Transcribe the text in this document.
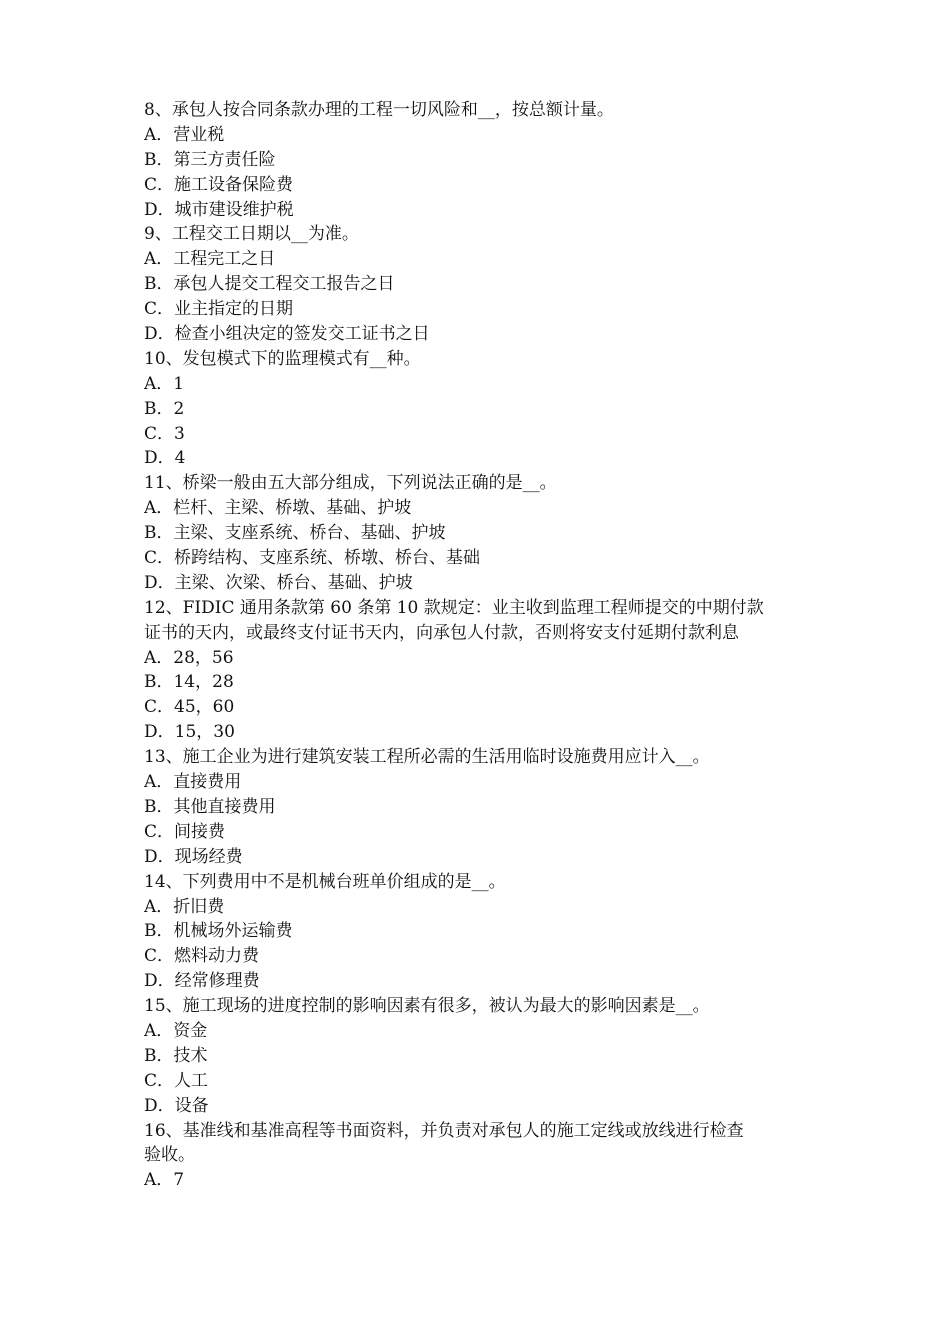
8、承包人按合同条款办理的工程一切风险和__，按总额计量。
A．营业税
B．第三方责任险
C．施工设备保险费
D．城市建设维护税
9、工程交工日期以__为准。
A．工程完工之日
B．承包人提交工程交工报告之日
C．业主指定的日期
D．检查小组决定的签发交工证书之日
10、发包模式下的监理模式有__种。
A．1
B．2
C．3
D．4
11、桥梁一般由五大部分组成，下列说法正确的是__。
A．栏杆、主梁、桥墩、基础、护坡
B．主梁、支座系统、桥台、基础、护坡
C．桥跨结构、支座系统、桥墩、桥台、基础
D．主梁、次梁、桥台、基础、护坡
12、FIDIC 通用条款第 60 条第 10 款规定：业主收到监理工程师提交的中期付款
证书的天内，或最终支付证书天内，向承包人付款，否则将安支付延期付款利息
A．28，56
B．14，28
C．45，60
D．15，30
13、施工企业为进行建筑安装工程所必需的生活用临时设施费用应计入__。
A．直接费用
B．其他直接费用
C．间接费
D．现场经费
14、下列费用中不是机械台班单价组成的是__。
A．折旧费
B．机械场外运输费
C．燃料动力费
D．经常修理费
15、施工现场的进度控制的影响因素有很多，被认为最大的影响因素是__。
A．资金
B．技术
C．人工
D．设备
16、基准线和基准高程等书面资料，并负责对承包人的施工定线或放线进行检查
验收。
A．7
